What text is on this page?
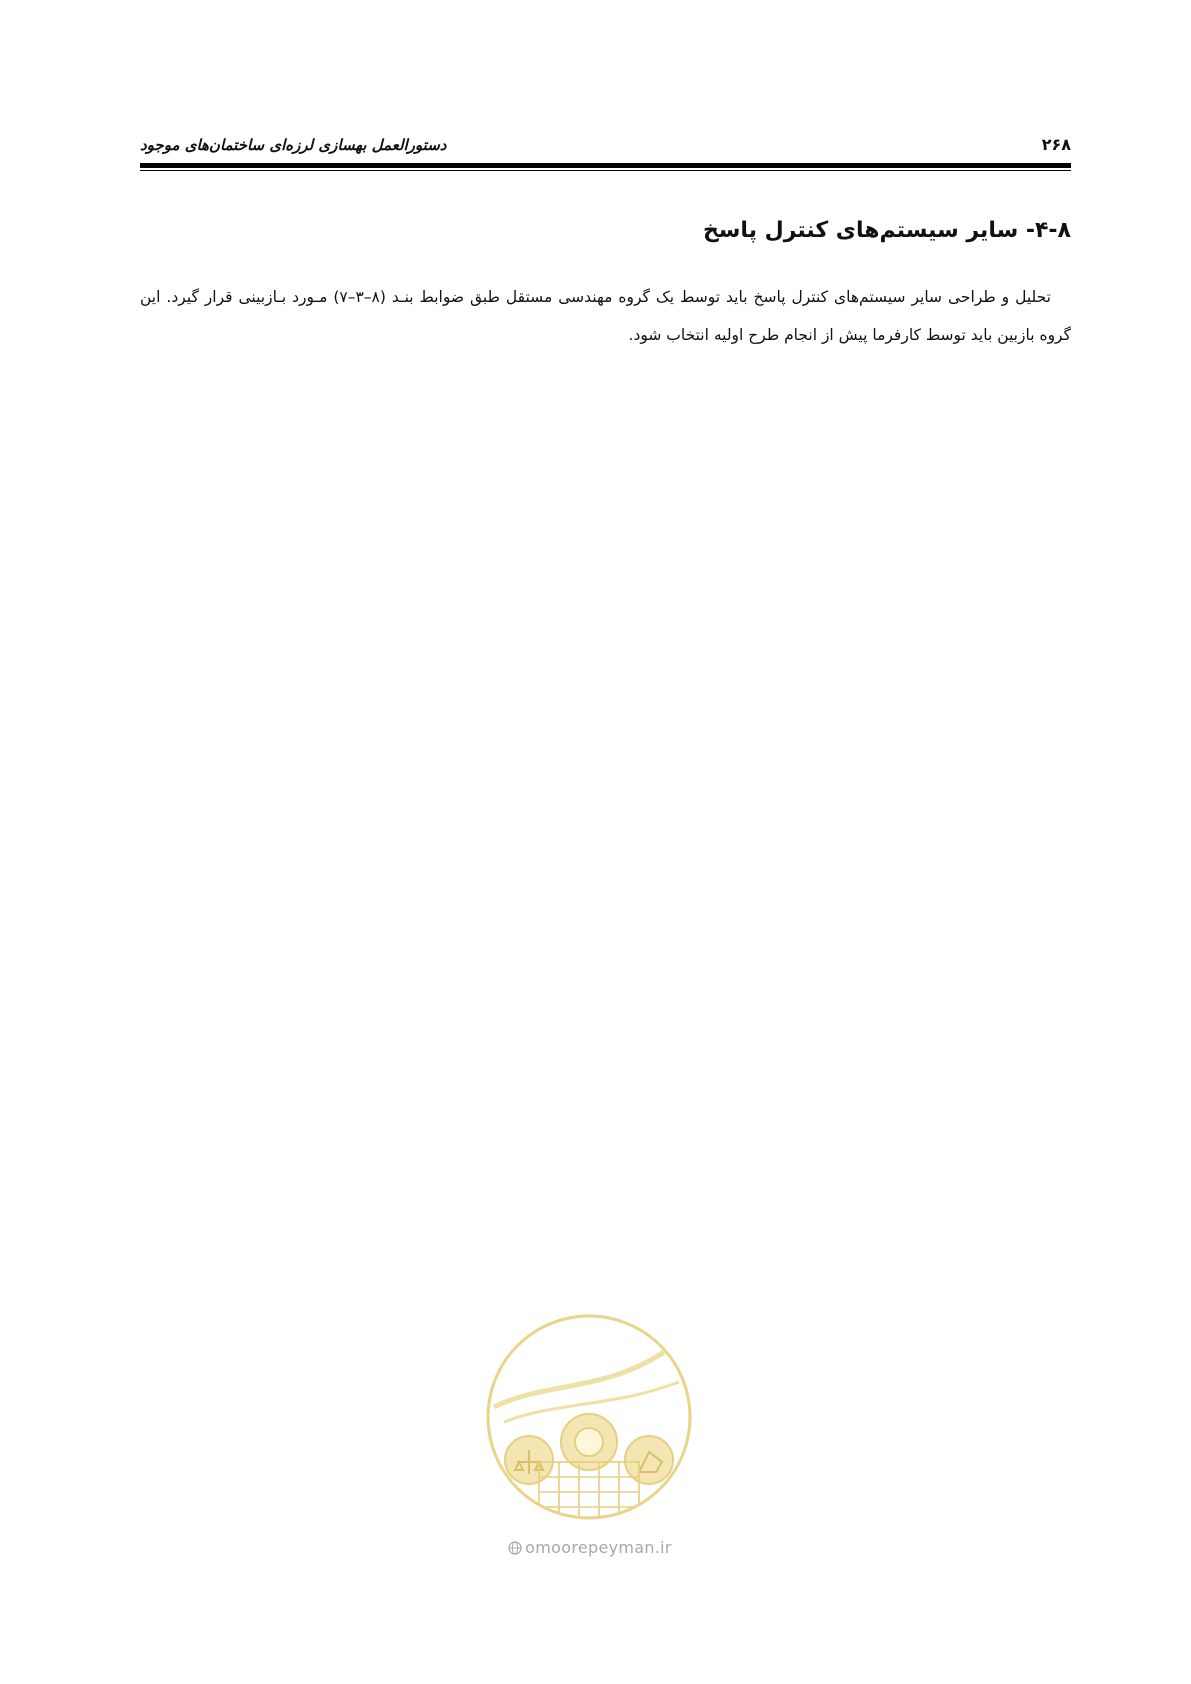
دستورالعمل بهسازی لرزه‌ای ساختمان‌های موجود	۲۶۸
۴-۸- سایر سیستم‌های کنترل پاسخ

تحلیل و طراحی سایر سیستم‌های کنترل پاسخ باید توسط یک گروه مهندسی مستقل طبق ضوابط بنـد (۸–۳–۷) مـورد بـازبینی قرار گیرد. این گروه بازبین باید توسط کارفرما پیش از انجام طرح اولیه انتخاب شود.

omoorepeyman.ir
